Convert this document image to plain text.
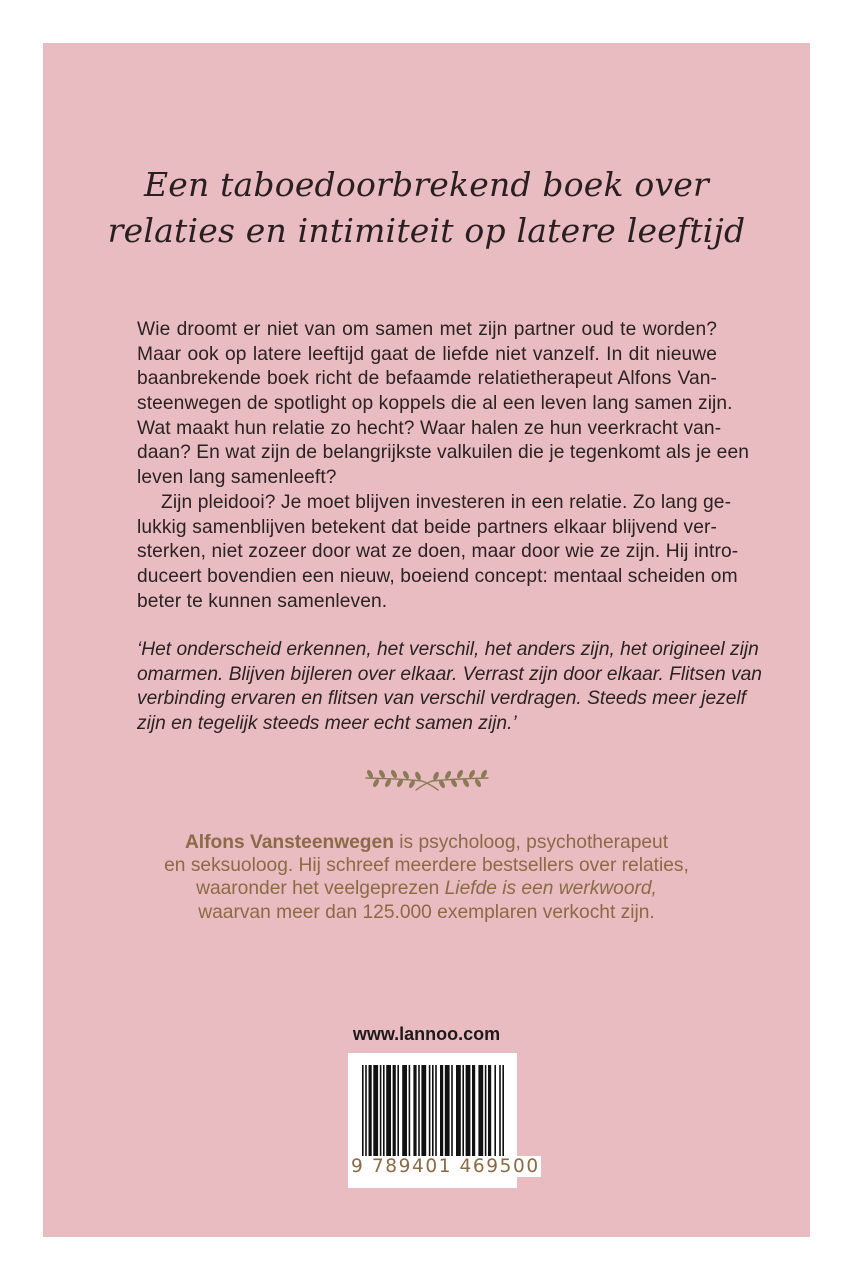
Een taboedoorbrekend boek over
relaties en intimiteit op latere leeftijd
Wie droomt er niet van om samen met zijn partner oud te worden?
Maar ook op latere leeftijd gaat de liefde niet vanzelf. In dit nieuwe
baanbrekende boek richt de befaamde relatietherapeut Alfons Van-
steenwegen de spotlight op koppels die al een leven lang samen zijn.
Wat maakt hun relatie zo hecht? Waar halen ze hun veerkracht van-
daan? En wat zijn de belangrijkste valkuilen die je tegenkomt als je een
leven lang samenleeft?
Zijn pleidooi? Je moet blijven investeren in een relatie. Zo lang ge-
lukkig samenblijven betekent dat beide partners elkaar blijvend ver-
sterken, niet zozeer door wat ze doen, maar door wie ze zijn. Hij intro-
duceert bovendien een nieuw, boeiend concept: mentaal scheiden om
beter te kunnen samenleven.
‘Het onderscheid erkennen, het verschil, het anders zijn, het origineel zijn
omarmen. Blijven bijleren over elkaar. Verrast zijn door elkaar. Flitsen van
verbinding ervaren en flitsen van verschil verdragen. Steeds meer jezelf
zijn en tegelijk steeds meer echt samen zijn.’
Alfons Vansteenwegen is psycholoog, psychotherapeut
en seksuoloog. Hij schreef meerdere bestsellers over relaties,
waaronder het veelgeprezen Liefde is een werkwoord,
waarvan meer dan 125.000 exemplaren verkocht zijn.
www.lannoo.com
9 789401 469500
